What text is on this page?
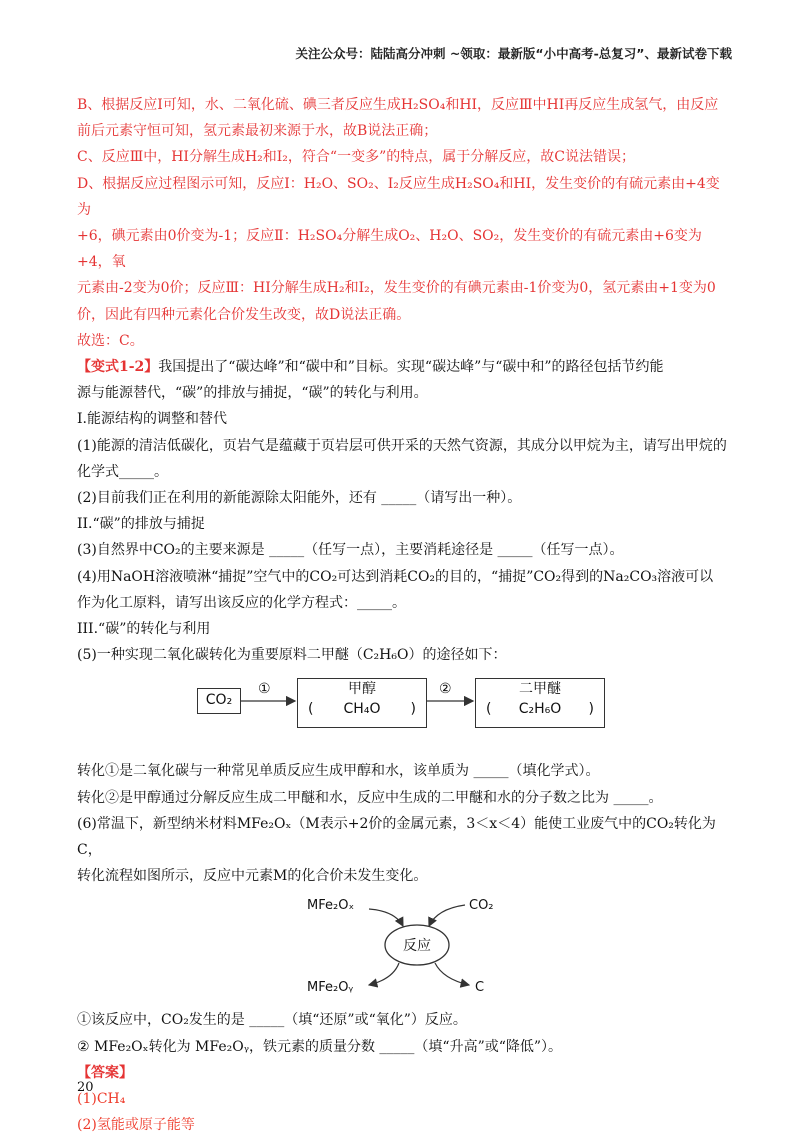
关注公众号：陆陆高分冲刺 ~领取：最新版“小中高考-总复习”、最新试卷下载

B、根据反应Ⅰ可知，水、二氧化硫、碘三者反应生成H₂SO₄和HI，反应Ⅲ中HI再反应生成氢气，由反应

前后元素守恒可知，氢元素最初来源于水，故B说法正确；

C、反应Ⅲ中，HI分解生成H₂和I₂，符合“一变多”的特点，属于分解反应，故C说法错误；

D、根据反应过程图示可知，反应Ⅰ：H₂O、SO₂、I₂反应生成H₂SO₄和HI，发生变价的有硫元素由+4变为

+6，碘元素由0价变为-1；反应Ⅱ：H₂SO₄分解生成O₂、H₂O、SO₂，发生变价的有硫元素由+6变为+4，氧

元素由-2变为0价；反应Ⅲ：HI分解生成H₂和I₂，发生变价的有碘元素由-1价变为0，氢元素由+1变为0

价，因此有四种元素化合价发生改变，故D说法正确。

故选：C。

【变式1-2】我国提出了“碳达峰”和“碳中和”目标。实现“碳达峰”与“碳中和”的路径包括节约能

源与能源替代，“碳”的排放与捕捉，“碳”的转化与利用。

I.能源结构的调整和替代

(1)能源的清洁低碳化，页岩气是蕴藏于页岩层可供开采的天然气资源，其成分以甲烷为主，请写出甲烷的

化学式_____。

(2)目前我们正在利用的新能源除太阳能外，还有 _____（请写出一种）。

II.“碳”的排放与捕捉

(3)自然界中CO₂的主要来源是 _____（任写一点），主要消耗途径是 _____（任写一点）。

(4)用NaOH溶液喷淋“捕捉”空气中的CO₂可达到消耗CO₂的目的，“捕捉”CO₂得到的Na₂CO₃溶液可以

作为化工原料，请写出该反应的化学方程式：_____。

III.“碳”的转化与利用

(5)一种实现二氧化碳转化为重要原料二甲醚（C₂H₆O）的途径如下：

CO₂
①	②
甲醇
( CH₄O )
二甲醚
( C₂H₆O )

转化①是二氧化碳与一种常见单质反应生成甲醇和水，该单质为 _____（填化学式）。

转化②是甲醇通过分解反应生成二甲醚和水，反应中生成的二甲醚和水的分子数之比为 _____。

(6)常温下，新型纳米材料MFe₂Oₓ（M表示+2价的金属元素，3＜x＜4）能使工业废气中的CO₂转化为C，

转化流程如图所示，反应中元素M的化合价未发生变化。

MFe₂Oₓ	CO₂
反应
MFe₂Oᵧ	C

①该反应中，CO₂发生的是 _____（填“还原”或“氧化”）反应。

② MFe₂Oₓ转化为 MFe₂Oᵧ，铁元素的质量分数 _____（填“升高”或“降低”）。

【答案】

(1)CH₄

(2)氢能或原子能等

20
